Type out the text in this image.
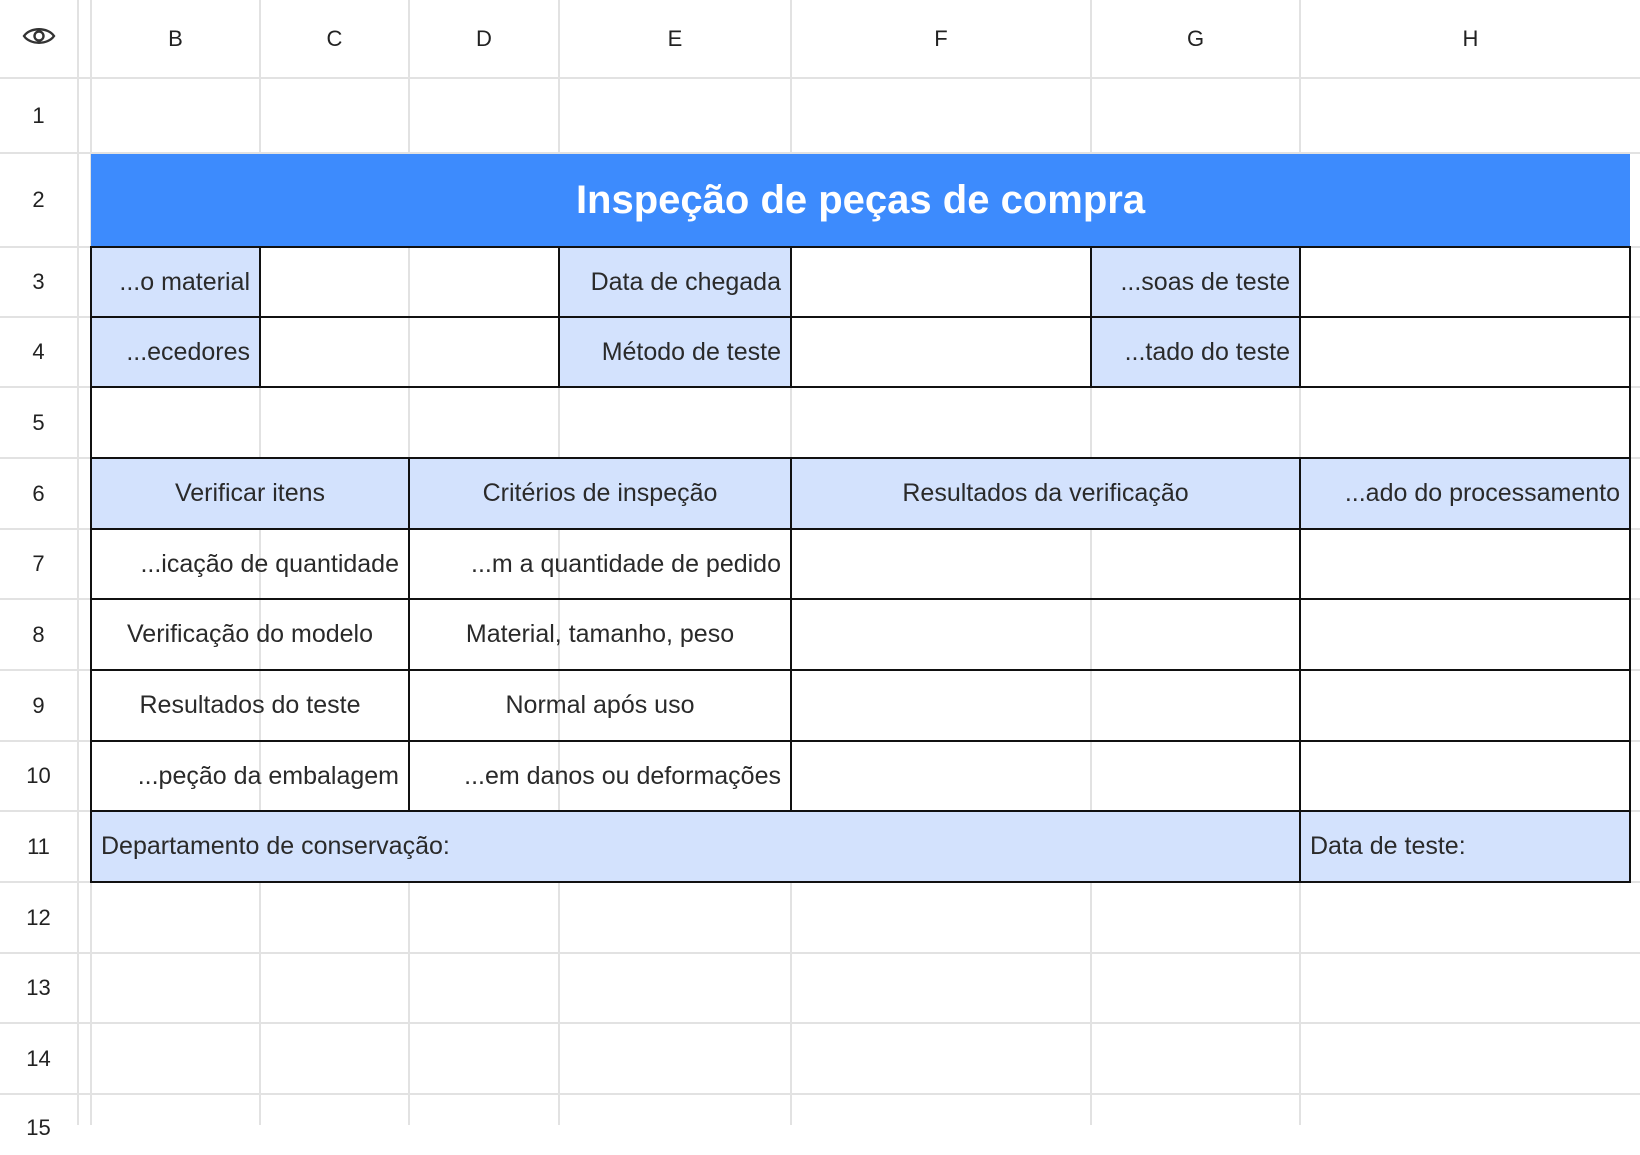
B	C	D	E	F	G	H
1
2
3
4
5
6
7
8
9
10
11
12
13
14
15
Inspeção de peças de compra
...o material	Data de chegada	...soas de teste
...ecedores	Método de teste	...tado do teste
Verificar itens	Critérios de inspeção	Resultados da verificação	...ado do processamento
...icação de quantidade	...m a quantidade de pedido
Verificação do modelo	Material, tamanho, peso
Resultados do teste	Normal após uso
...peção da embalagem	...em danos ou deformações
Departamento de conservação:	Data de teste:
